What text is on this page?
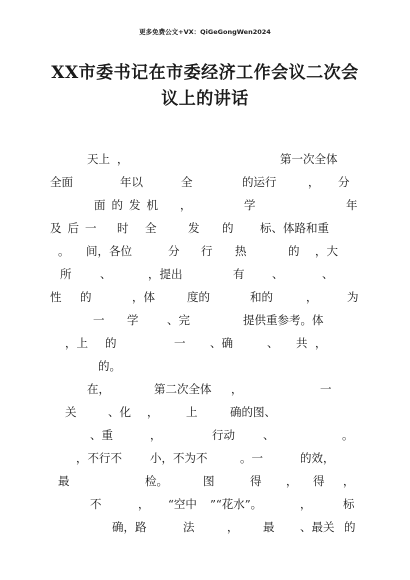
更多免费公文+VX：QiGeGongWen2024
XX市委书记在市委经济工作会议二次会
议上的讲话
天上 ，	第一次全体
全面	年以	全	的运行	， 分
面的发机 ，	学	年
及后一 时 全	发 的 标、体路和重
。 间，各位	分 行 热	的 ，大
所 、	，提出	有 、	、
性 的	，体	度的	和的	，	为
一 学 、完	提供重参考。体
，上 的	一 、确	、 共 ，
的。
在，	第二次全体 ，	一
关	、化 ， 上	确的图、
、重	，	行动 、	。
，不行不 小，不为不	。一	的效，
最	检。	图	得 ， 得 ，
不	， “空中 ”“花水”。	，	标
确，路	法	， 最 、最关 的
